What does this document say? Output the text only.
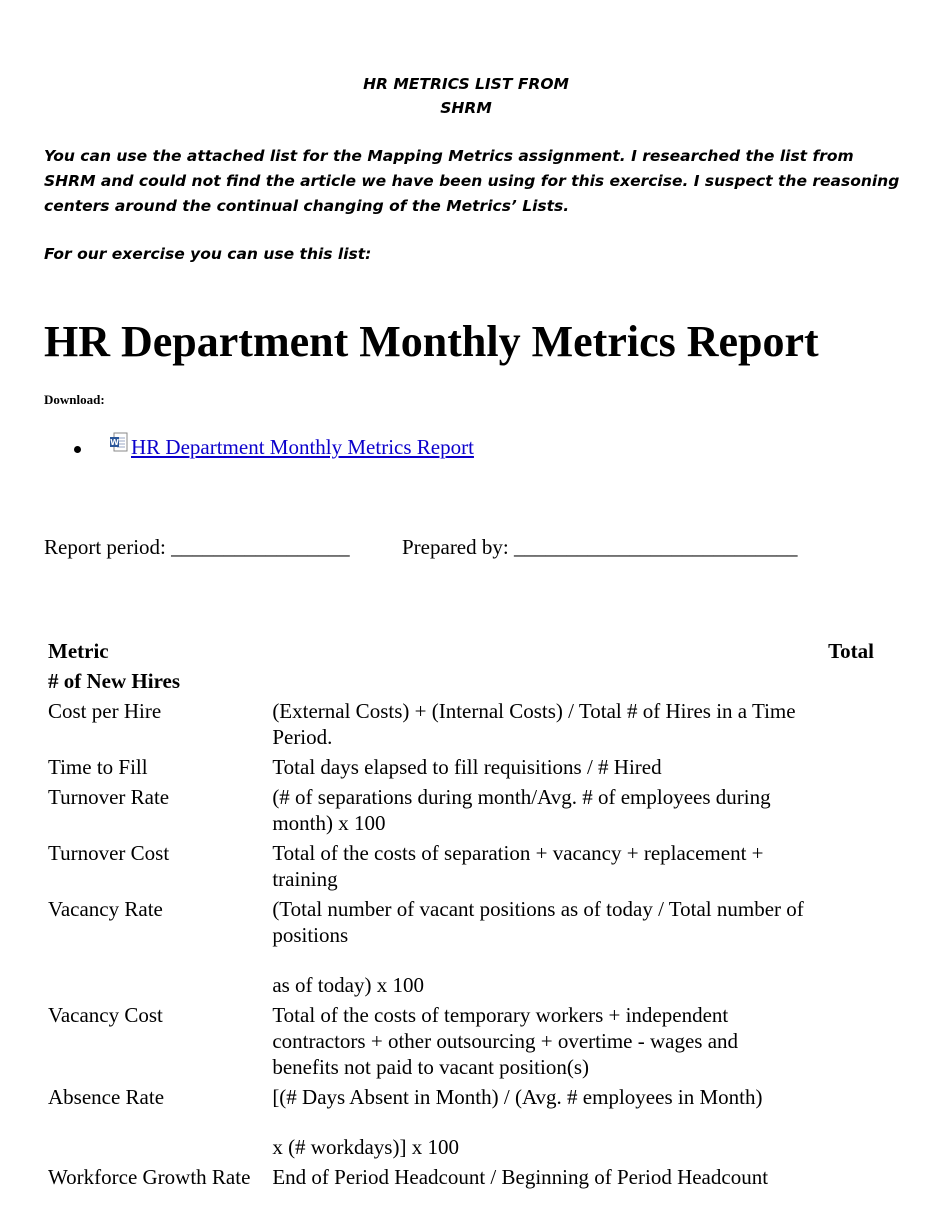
HR METRICS LIST FROM
SHRM
You can use the attached list for the Mapping Metrics assignment. I researched the list from SHRM and could not find the article we have been using for this exercise. I suspect the reasoning centers around the continual changing of the Metrics’ Lists.
For our exercise you can use this list:
HR Department Monthly Metrics Report
Download:
W HR Department Monthly Metrics Report
Report period: _________________ Prepared by: ___________________________
Metric		Total
# of New Hires		
Cost per Hire	(External Costs) + (Internal Costs) / Total # of Hires in a Time Period.	
Time to Fill	Total days elapsed to fill requisitions / # Hired	
Turnover Rate	(# of separations during month/Avg. # of employees during month) x 100	
Turnover Cost	Total of the costs of separation + vacancy + replacement + training	
Vacancy Rate	(Total number of vacant positions as of today / Total number of positions
as of today) x 100	
Vacancy Cost	Total of the costs of temporary workers + independent contractors + other outsourcing + overtime - wages and benefits not paid to vacant position(s)	
Absence Rate	[(# Days Absent in Month) / (Avg. # employees in Month)
x (# workdays)] x 100	
Workforce Growth Rate	End of Period Headcount / Beginning of Period Headcount	
